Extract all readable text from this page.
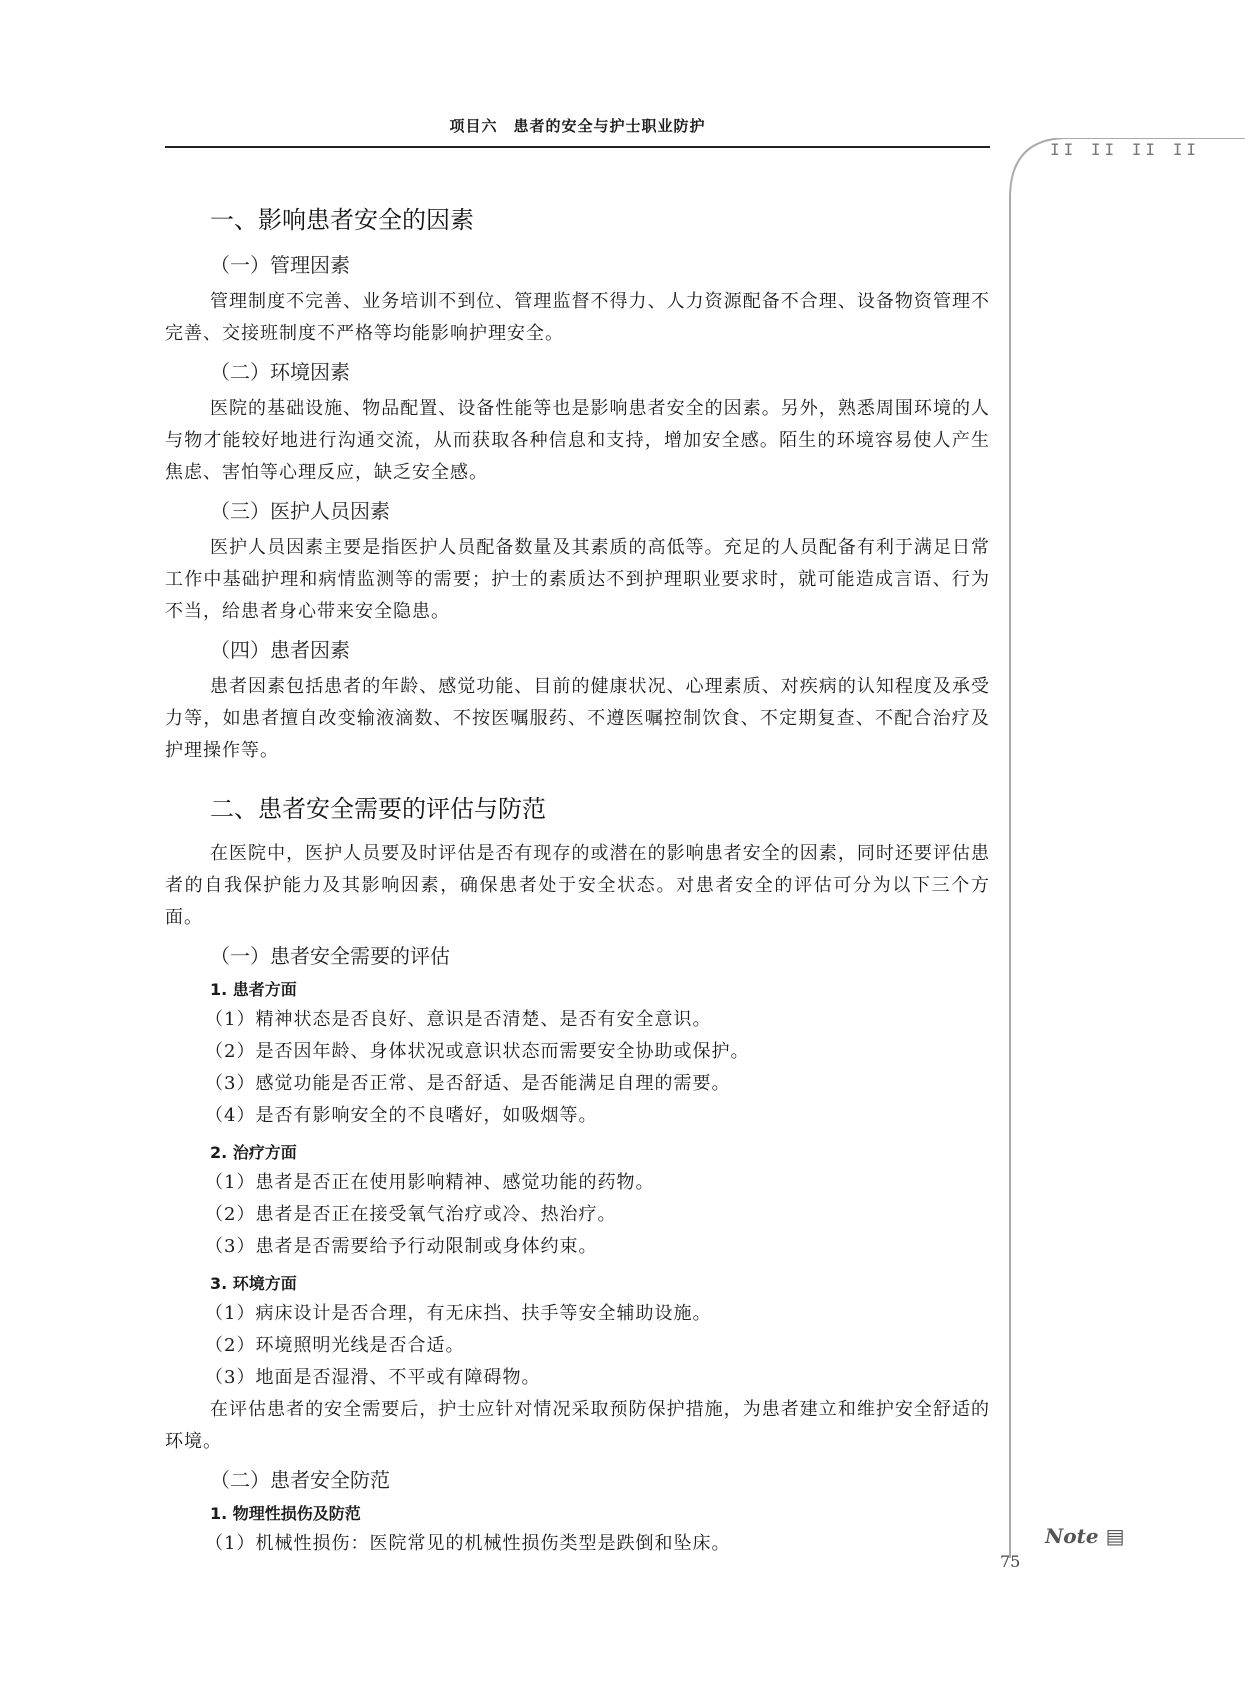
项目六　患者的安全与护士职业防护
II II II II
Note ▤
一、影响患者安全的因素
（一）管理因素

管理制度不完善、业务培训不到位、管理监督不得力、人力资源配备不合理、设备物资管理不完善、交接班制度不严格等均能影响护理安全。

（二）环境因素

医院的基础设施、物品配置、设备性能等也是影响患者安全的因素。另外，熟悉周围环境的人与物才能较好地进行沟通交流，从而获取各种信息和支持，增加安全感。陌生的环境容易使人产生焦虑、害怕等心理反应，缺乏安全感。

（三）医护人员因素

医护人员因素主要是指医护人员配备数量及其素质的高低等。充足的人员配备有利于满足日常工作中基础护理和病情监测等的需要；护士的素质达不到护理职业要求时，就可能造成言语、行为不当，给患者身心带来安全隐患。

（四）患者因素

患者因素包括患者的年龄、感觉功能、目前的健康状况、心理素质、对疾病的认知程度及承受力等，如患者擅自改变输液滴数、不按医嘱服药、不遵医嘱控制饮食、不定期复查、不配合治疗及护理操作等。

二、患者安全需要的评估与防范

在医院中，医护人员要及时评估是否有现存的或潜在的影响患者安全的因素，同时还要评估患者的自我保护能力及其影响因素，确保患者处于安全状态。对患者安全的评估可分为以下三个方面。

（一）患者安全需要的评估
1. 患者方面
（1）精神状态是否良好、意识是否清楚、是否有安全意识。
（2）是否因年龄、身体状况或意识状态而需要安全协助或保护。
（3）感觉功能是否正常、是否舒适、是否能满足自理的需要。
（4）是否有影响安全的不良嗜好，如吸烟等。
2. 治疗方面
（1）患者是否正在使用影响精神、感觉功能的药物。
（2）患者是否正在接受氧气治疗或冷、热治疗。
（3）患者是否需要给予行动限制或身体约束。
3. 环境方面
（1）病床设计是否合理，有无床挡、扶手等安全辅助设施。
（2）环境照明光线是否合适。
（3）地面是否湿滑、不平或有障碍物。

在评估患者的安全需要后，护士应针对情况采取预防保护措施，为患者建立和维护安全舒适的环境。

（二）患者安全防范
1. 物理性损伤及防范
（1）机械性损伤：医院常见的机械性损伤类型是跌倒和坠床。
75
